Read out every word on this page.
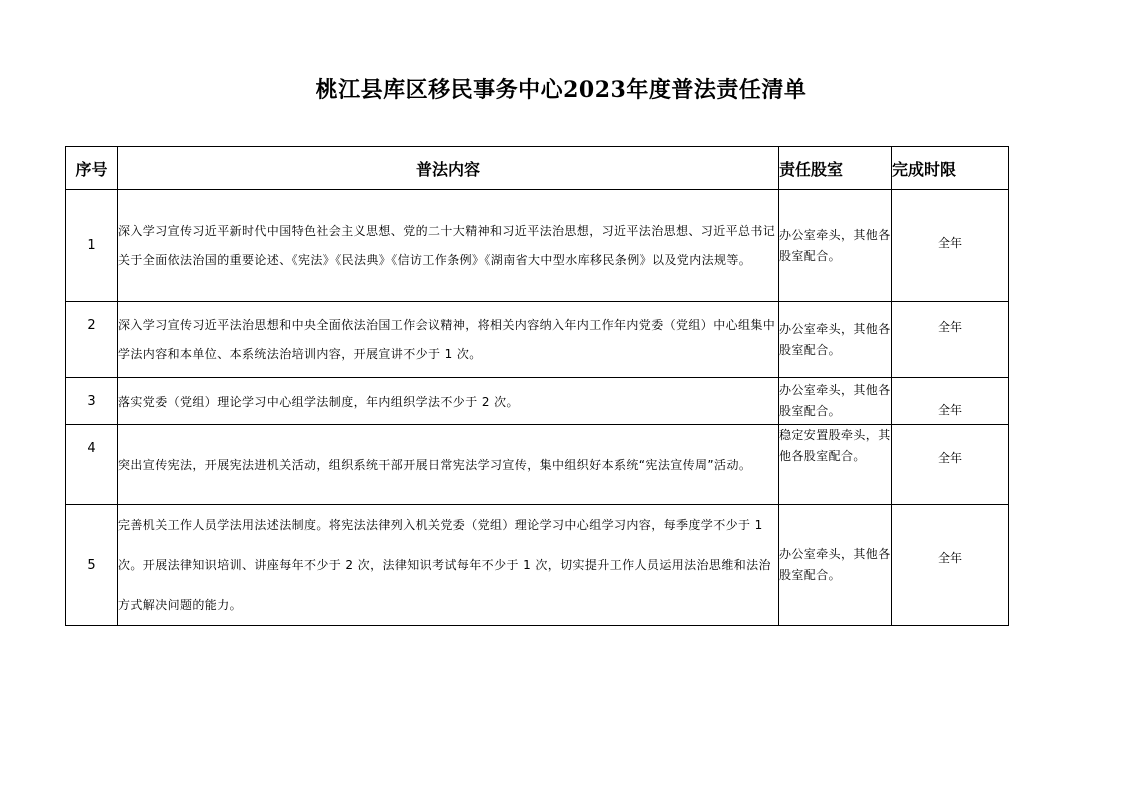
桃江县库区移民事务中心2023年度普法责任清单
序号	普法内容	责任股室	完成时限
1	深入学习宣传习近平新时代中国特色社会主义思想、党的二十大精神和习近平法治思想，习近平法治思想、习近平总书记关于全面依法治国的重要论述、《宪法》《民法典》《信访工作条例》《湖南省大中型水库移民条例》以及党内法规等。	办公室牵头，其他各股室配合。	全年
2	深入学习宣传习近平法治思想和中央全面依法治国工作会议精神，将相关内容纳入年内工作年内党委（党组）中心组集中学法内容和本单位、本系统法治培训内容，开展宣讲不少于 1 次。	办公室牵头，其他各股室配合。	全年
3	落实党委（党组）理论学习中心组学法制度，年内组织学法不少于 2 次。	办公室牵头，其他各股室配合。	全年
4	突出宣传宪法，开展宪法进机关活动，组织系统干部开展日常宪法学习宣传，集中组织好本系统“宪法宣传周”活动。	稳定安置股牵头，其他各股室配合。	全年
5	完善机关工作人员学法用法述法制度。将宪法法律列入机关党委（党组）理论学习中心组学习内容，每季度学不少于 1 次。开展法律知识培训、讲座每年不少于 2 次，法律知识考试每年不少于 1 次，切实提升工作人员运用法治思维和法治方式解决问题的能力。	办公室牵头，其他各股室配合。	全年
